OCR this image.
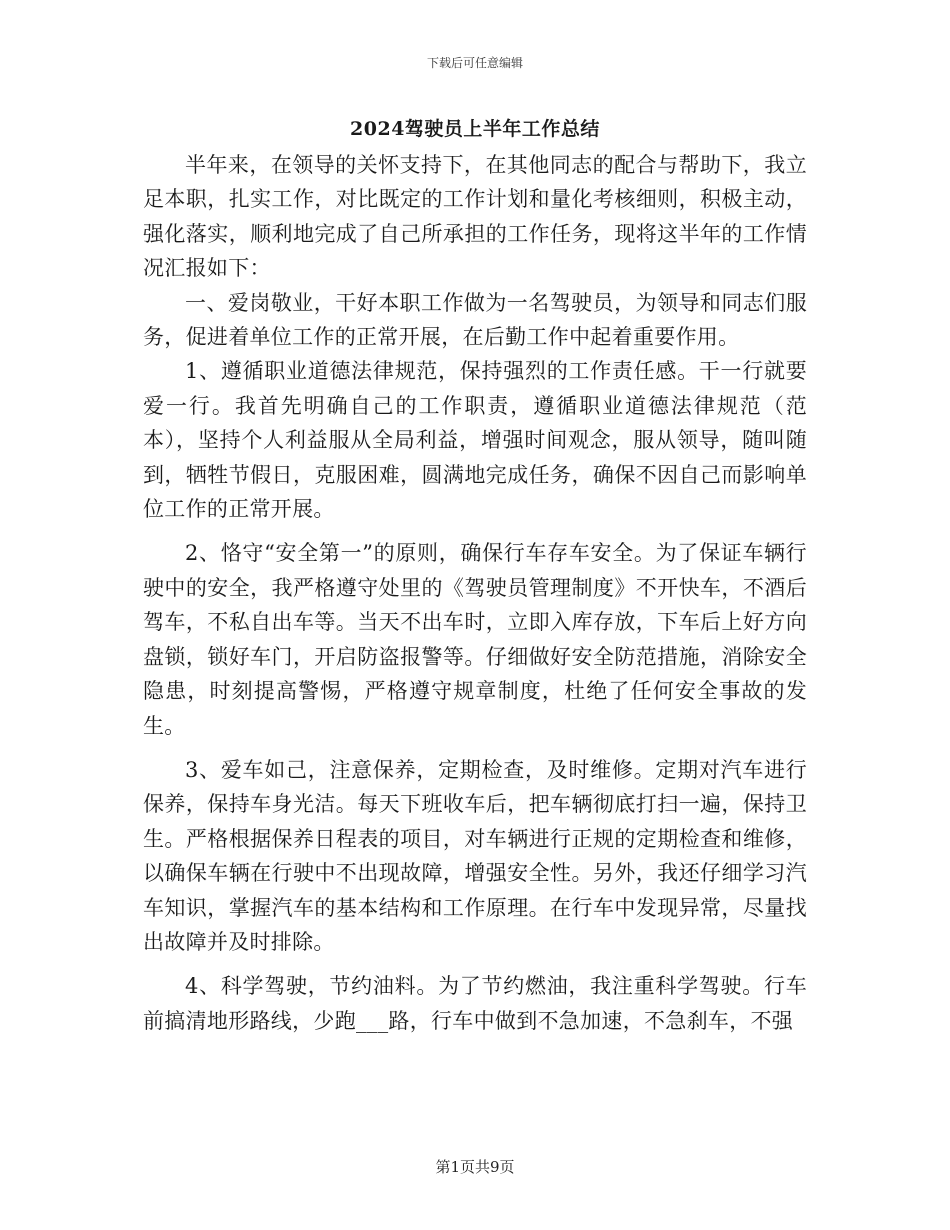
下载后可任意编辑
2024驾驶员上半年工作总结

半年来，在领导的关怀支持下，在其他同志的配合与帮助下，我立足本职，扎实工作，对比既定的工作计划和量化考核细则，积极主动，强化落实，顺利地完成了自己所承担的工作任务，现将这半年的工作情况汇报如下：

一、爱岗敬业，干好本职工作做为一名驾驶员，为领导和同志们服务，促进着单位工作的正常开展，在后勤工作中起着重要作用。

1、遵循职业道德法律规范，保持强烈的工作责任感。干一行就要爱一行。我首先明确自己的工作职责，遵循职业道德法律规范（范本），坚持个人利益服从全局利益，增强时间观念，服从领导，随叫随到，牺牲节假日，克服困难，圆满地完成任务，确保不因自己而影响单位工作的正常开展。

2、恪守“安全第一”的原则，确保行车存车安全。为了保证车辆行驶中的安全，我严格遵守处里的《驾驶员管理制度》不开快车，不酒后驾车，不私自出车等。当天不出车时，立即入库存放，下车后上好方向盘锁，锁好车门，开启防盗报警等。仔细做好安全防范措施，消除安全隐患，时刻提高警惕，严格遵守规章制度，杜绝了任何安全事故的发生。

3、爱车如己，注意保养，定期检查，及时维修。定期对汽车进行保养，保持车身光洁。每天下班收车后，把车辆彻底打扫一遍，保持卫生。严格根据保养日程表的项目，对车辆进行正规的定期检查和维修，以确保车辆在行驶中不出现故障，增强安全性。另外，我还仔细学习汽车知识，掌握汽车的基本结构和工作原理。在行车中发现异常，尽量找出故障并及时排除。

4、科学驾驶，节约油料。为了节约燃油，我注重科学驾驶。行车前搞清地形路线，少跑___路，行车中做到不急加速，不急刹车，不强

第1页共9页
